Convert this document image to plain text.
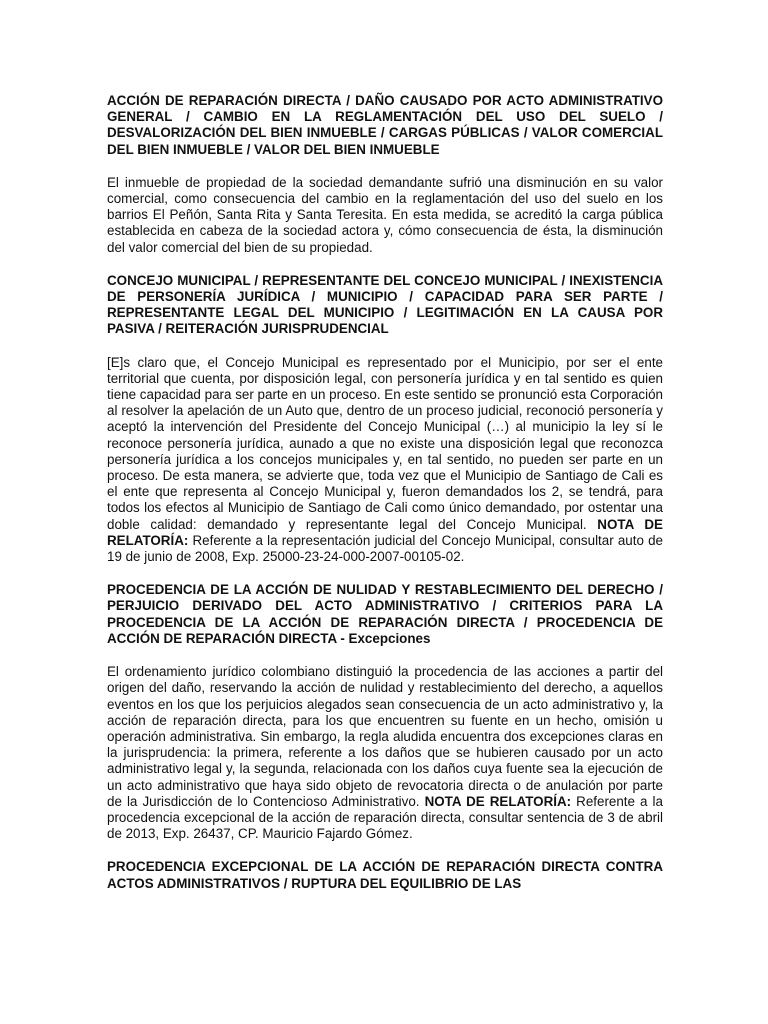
ACCIÓN DE REPARACIÓN DIRECTA / DAÑO CAUSADO POR ACTO ADMINISTRATIVO GENERAL / CAMBIO EN LA REGLAMENTACIÓN DEL USO DEL SUELO / DESVALORIZACIÓN DEL BIEN INMUEBLE / CARGAS PÚBLICAS / VALOR COMERCIAL DEL BIEN INMUEBLE / VALOR DEL BIEN INMUEBLE
El inmueble de propiedad de la sociedad demandante sufrió una disminución en su valor comercial, como consecuencia del cambio en la reglamentación del uso del suelo en los barrios El Peñón, Santa Rita y Santa Teresita. En esta medida, se acreditó la carga pública establecida en cabeza de la sociedad actora y, cómo consecuencia de ésta, la disminución del valor comercial del bien de su propiedad.
CONCEJO MUNICIPAL / REPRESENTANTE DEL CONCEJO MUNICIPAL / INEXISTENCIA DE PERSONERÍA JURÍDICA / MUNICIPIO / CAPACIDAD PARA SER PARTE / REPRESENTANTE LEGAL DEL MUNICIPIO / LEGITIMACIÓN EN LA CAUSA POR PASIVA / REITERACIÓN JURISPRUDENCIAL
[E]s claro que, el Concejo Municipal es representado por el Municipio, por ser el ente territorial que cuenta, por disposición legal, con personería jurídica y en tal sentido es quien tiene capacidad para ser parte en un proceso. En este sentido se pronunció esta Corporación al resolver la apelación de un Auto que, dentro de un proceso judicial, reconoció personería y aceptó la intervención del Presidente del Concejo Municipal (…) al municipio la ley sí le reconoce personería jurídica, aunado a que no existe una disposición legal que reconozca personería jurídica a los concejos municipales y, en tal sentido, no pueden ser parte en un proceso. De esta manera, se advierte que, toda vez que el Municipio de Santiago de Cali es el ente que representa al Concejo Municipal y, fueron demandados los 2, se tendrá, para todos los efectos al Municipio de Santiago de Cali como único demandado, por ostentar una doble calidad: demandado y representante legal del Concejo Municipal. NOTA DE RELATORÍA: Referente a la representación judicial del Concejo Municipal, consultar auto de 19 de junio de 2008, Exp. 25000-23-24-000-2007-00105-02.
PROCEDENCIA DE LA ACCIÓN DE NULIDAD Y RESTABLECIMIENTO DEL DERECHO / PERJUICIO DERIVADO DEL ACTO ADMINISTRATIVO / CRITERIOS PARA LA PROCEDENCIA DE LA ACCIÓN DE REPARACIÓN DIRECTA / PROCEDENCIA DE ACCIÓN DE REPARACIÓN DIRECTA - Excepciones
El ordenamiento jurídico colombiano distinguió la procedencia de las acciones a partir del origen del daño, reservando la acción de nulidad y restablecimiento del derecho, a aquellos eventos en los que los perjuicios alegados sean consecuencia de un acto administrativo y, la acción de reparación directa, para los que encuentren su fuente en un hecho, omisión u operación administrativa. Sin embargo, la regla aludida encuentra dos excepciones claras en la jurisprudencia: la primera, referente a los daños que se hubieren causado por un acto administrativo legal y, la segunda, relacionada con los daños cuya fuente sea la ejecución de un acto administrativo que haya sido objeto de revocatoria directa o de anulación por parte de la Jurisdicción de lo Contencioso Administrativo. NOTA DE RELATORÍA: Referente a la procedencia excepcional de la acción de reparación directa, consultar sentencia de 3 de abril de 2013, Exp. 26437, CP. Mauricio Fajardo Gómez.
PROCEDENCIA EXCEPCIONAL DE LA ACCIÓN DE REPARACIÓN DIRECTA CONTRA ACTOS ADMINISTRATIVOS / RUPTURA DEL EQUILIBRIO DE LAS
